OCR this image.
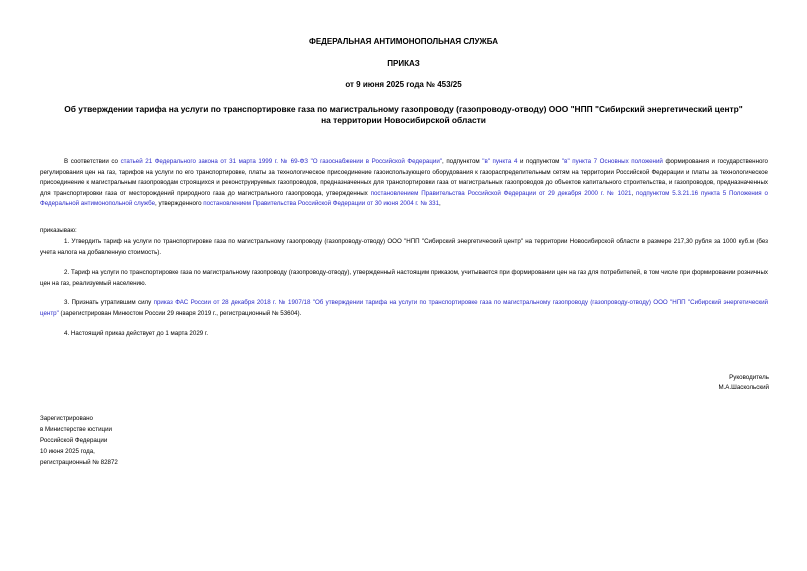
ФЕДЕРАЛЬНАЯ АНТИМОНОПОЛЬНАЯ СЛУЖБА
ПРИКАЗ
от 9 июня 2025 года № 453/25
Об утверждении тарифа на услуги по транспортировке газа по магистральному газопроводу (газопроводу-отводу) ООО "НПП "Сибирский энергетический центр"
на территории Новосибирской области
В соответствии со статьей 21 Федерального закона от 31 марта 1999 г. № 69-ФЗ "О газоснабжении в Российской Федерации", подпунктом "в" пункта 4 и подпунктом "в" пункта 7 Основных положений формирования и государственного регулирования цен на газ, тарифов на услуги по его транспортировке, платы за технологическое присоединение газоиспользующего оборудования к газораспределительным сетям на территории Российской Федерации и платы за технологическое присоединение к магистральным газопроводам строящихся и реконструируемых газопроводов, предназначенных для транспортировки газа от магистральных газопроводов до объектов капитального строительства, и газопроводов, предназначенных для транспортировки газа от месторождений природного газа до магистрального газопровода, утвержденных постановлением Правительства Российской Федерации от 29 декабря 2000 г. № 1021, подпунктом 5.3.21.16 пункта 5 Положения о Федеральной антимонопольной службе, утвержденного постановлением Правительства Российской Федерации от 30 июня 2004 г. № 331,
приказываю:
1. Утвердить тариф на услуги по транспортировке газа по магистральному газопроводу (газопроводу-отводу) ООО "НПП "Сибирский энергетический центр" на территории Новосибирской области в размере 217,30 рубля за 1000 куб.м (без учета налога на добавленную стоимость).
2. Тариф на услуги по транспортировке газа по магистральному газопроводу (газопроводу-отводу), утвержденный настоящим приказом, учитывается при формировании цен на газ для потребителей, в том числе при формировании розничных цен на газ, реализуемый населению.
3. Признать утратившим силу приказ ФАС России от 28 декабря 2018 г. № 1907/18 "Об утверждении тарифа на услуги по транспортировке газа по магистральному газопроводу (газопроводу-отводу) ООО "НПП "Сибирский энергетический центр" (зарегистрирован Минюстом России 29 января 2019 г., регистрационный № 53604).
4. Настоящий приказ действует до 1 марта 2029 г.
Руководитель
М.А.Шаскольский
Зарегистрировано
в Министерстве юстиции
Российской Федерации
10 июня 2025 года,
регистрационный № 82872
